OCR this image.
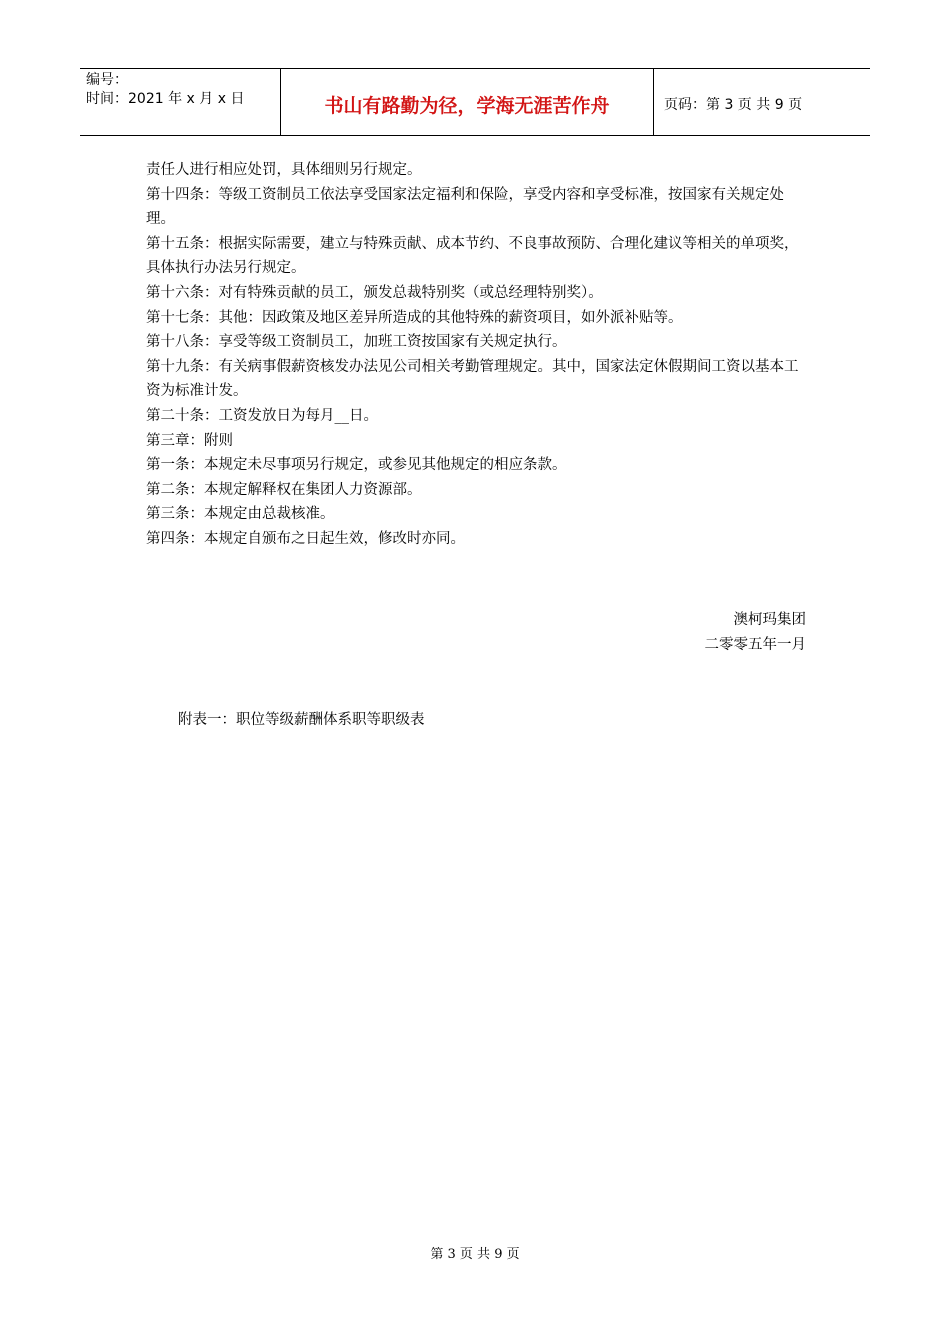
编号：
时间：2021 年 x 月 x 日	书山有路勤为径，学海无涯苦作舟	页码：第 3 页 共 9 页

责任人进行相应处罚，具体细则另行规定。

第十四条：等级工资制员工依法享受国家法定福利和保险，享受内容和享受标准，按国家有关规定处理。

第十五条：根据实际需要，建立与特殊贡献、成本节约、不良事故预防、合理化建议等相关的单项奖，具体执行办法另行规定。

第十六条：对有特殊贡献的员工，颁发总裁特别奖（或总经理特别奖）。

第十七条：其他：因政策及地区差异所造成的其他特殊的薪资项目，如外派补贴等。

第十八条：享受等级工资制员工，加班工资按国家有关规定执行。

第十九条：有关病事假薪资核发办法见公司相关考勤管理规定。其中，国家法定休假期间工资以基本工资为标准计发。

第二十条：工资发放日为每月__日。

第三章：附则

第一条：本规定未尽事项另行规定，或参见其他规定的相应条款。

第二条：本规定解释权在集团人力资源部。

第三条：本规定由总裁核准。

第四条：本规定自颁布之日起生效，修改时亦同。

澳柯玛集团
二零零五年一月
附表一：职位等级薪酬体系职等职级表
第 3 页 共 9 页
